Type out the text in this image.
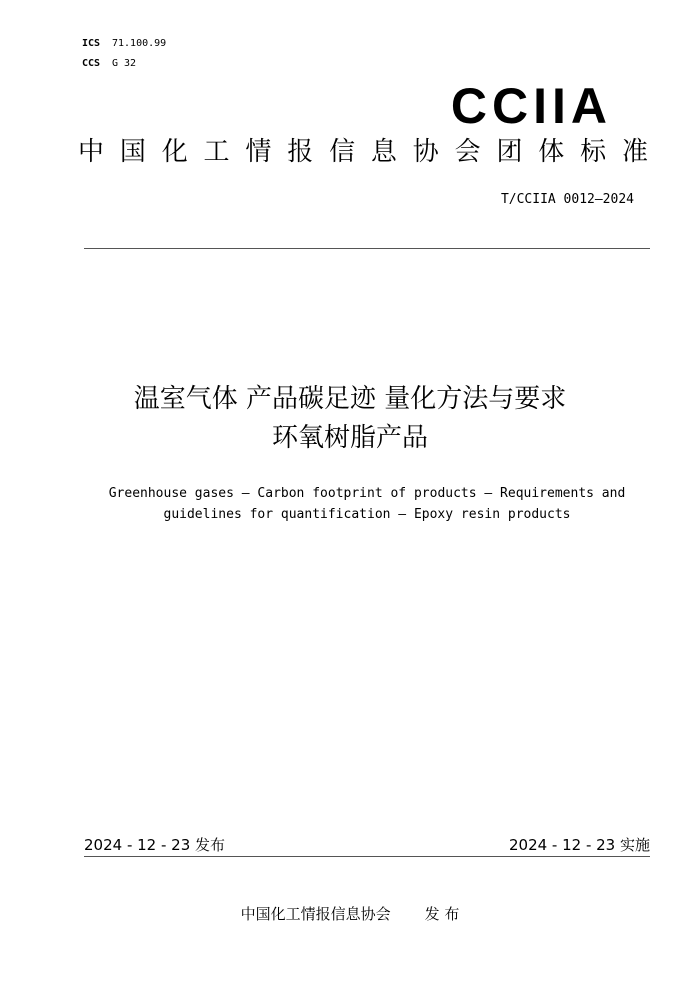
ICS	71.100.99
CCS	G 32
CCIIA
中 国 化 工 情 报 信 息 协 会 团 体 标 准
T/CCIIA 0012—2024
温室气体 产品碳足迹 量化方法与要求
环氧树脂产品
Greenhouse gases — Carbon footprint of products — Requirements and
guidelines for quantification — Epoxy resin products
2024 - 12 - 23 发布	2024 - 12 - 23 实施
中国化工情报信息协会 发 布
